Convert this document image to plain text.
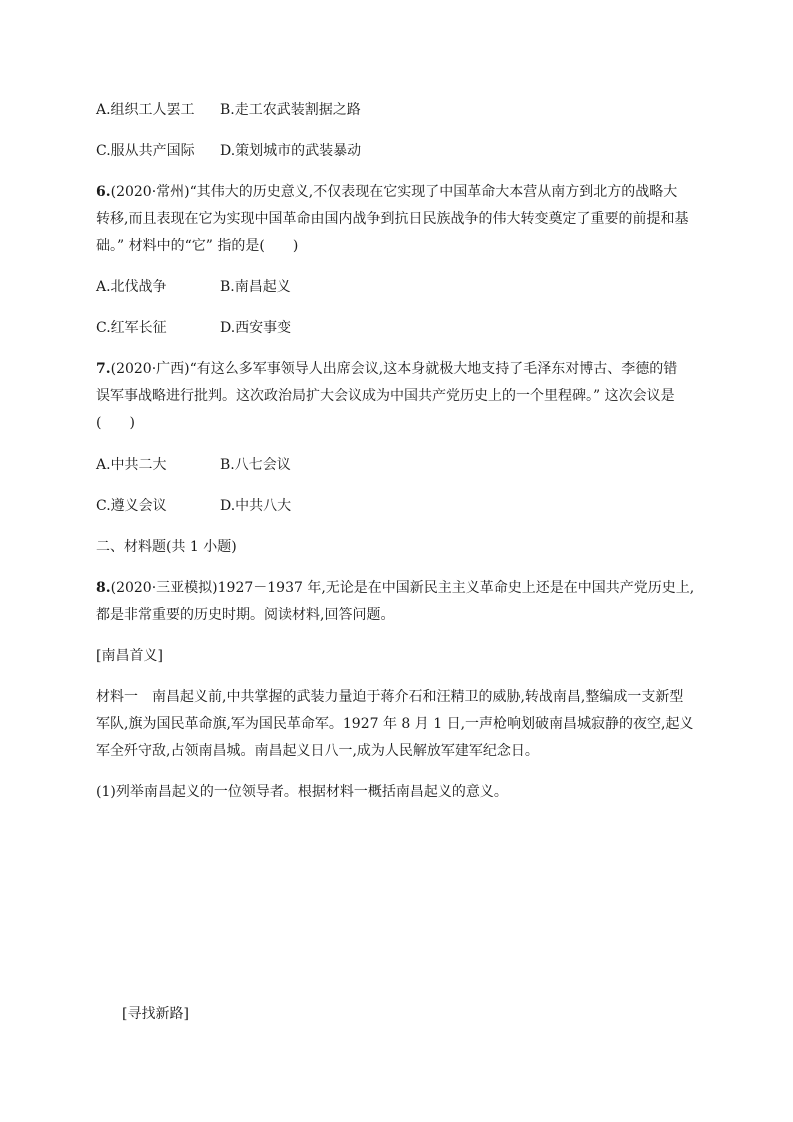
A.组织工人罢工 B.走工农武装割据之路
C.服从共产国际 D.策划城市的武装暴动
6.(2020·常州)“其伟大的历史意义,不仅表现在它实现了中国革命大本营从南方到北方的战略大
转移,而且表现在它为实现中国革命由国内战争到抗日民族战争的伟大转变奠定了重要的前提和基
础。” 材料中的“它” 指的是(　　)
A.北伐战争	B.南昌起义
C.红军长征	D.西安事变
7.(2020·广西)“有这么多军事领导人出席会议,这本身就极大地支持了毛泽东对博古、李德的错
误军事战略进行批判。这次政治局扩大会议成为中国共产党历史上的一个里程碑。” 这次会议是
(　　)
A.中共二大	B.八七会议
C.遵义会议	D.中共八大
二、材料题(共 1 小题)
8.(2020·三亚模拟)1927－1937 年,无论是在中国新民主主义革命史上还是在中国共产党历史上,
都是非常重要的历史时期。阅读材料,回答问题。
[南昌首义]
材料一　南昌起义前,中共掌握的武装力量迫于蒋介石和汪精卫的威胁,转战南昌,整编成一支新型
军队,旗为国民革命旗,军为国民革命军。1927 年 8 月 1 日,一声枪响划破南昌城寂静的夜空,起义
军全歼守敌,占领南昌城。南昌起义日八一,成为人民解放军建军纪念日。
(1)列举南昌起义的一位领导者。根据材料一概括南昌起义的意义。
[寻找新路]
